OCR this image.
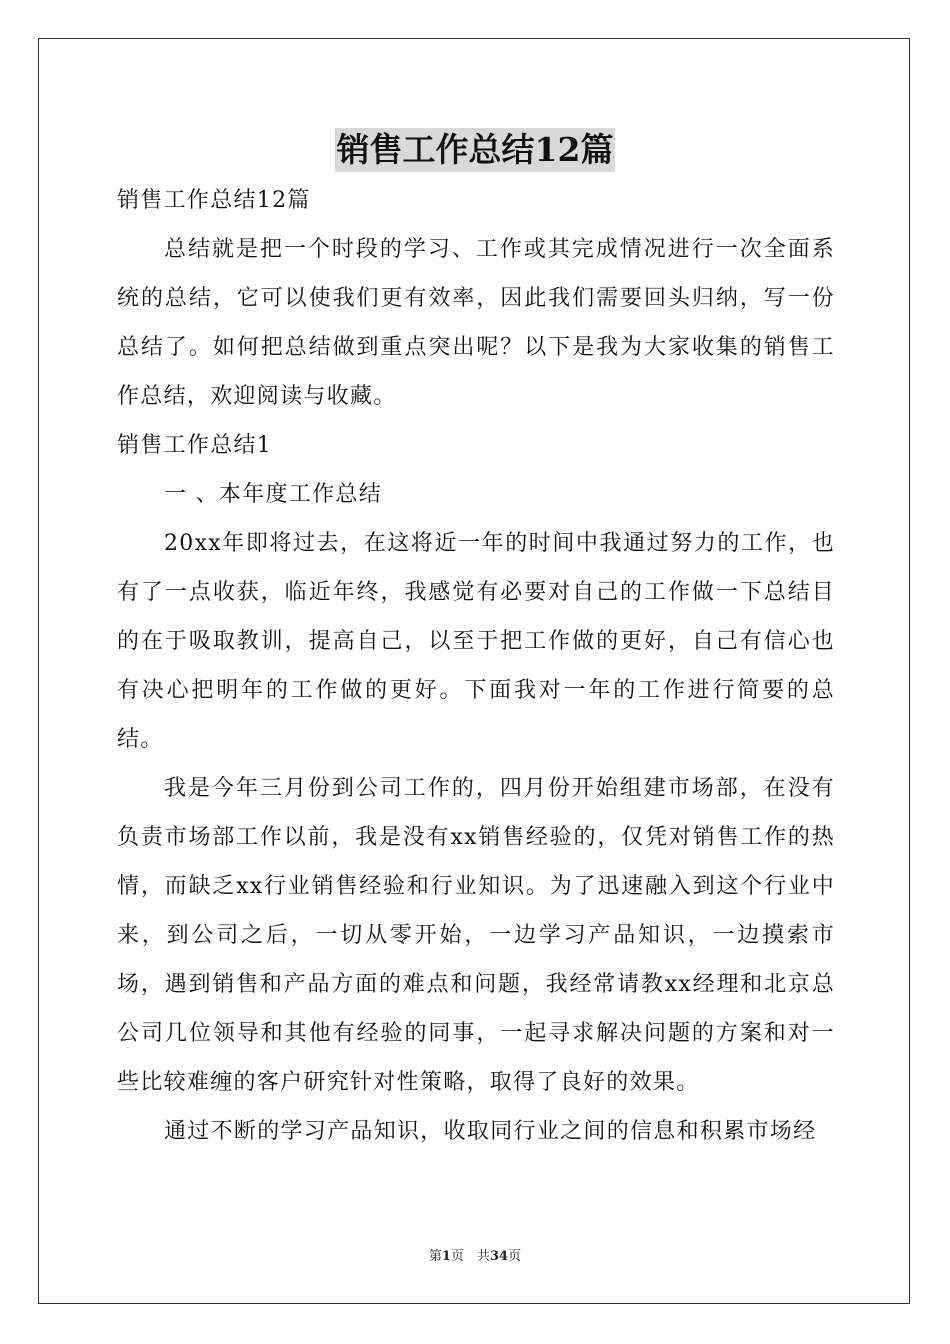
销售工作总结12篇

销售工作总结12篇

总结就是把一个时段的学习、工作或其完成情况进行一次全面系统的总结，它可以使我们更有效率，因此我们需要回头归纳，写一份总结了。如何把总结做到重点突出呢？以下是我为大家收集的销售工作总结，欢迎阅读与收藏。

销售工作总结1

一 、本年度工作总结

20xx年即将过去，在这将近一年的时间中我通过努力的工作，也有了一点收获，临近年终，我感觉有必要对自己的工作做一下总结目的在于吸取教训，提高自己，以至于把工作做的更好，自己有信心也有决心把明年的工作做的更好。下面我对一年的工作进行简要的总结。

我是今年三月份到公司工作的，四月份开始组建市场部，在没有负责市场部工作以前，我是没有xx销售经验的，仅凭对销售工作的热情，而缺乏xx行业销售经验和行业知识。为了迅速融入到这个行业中来，到公司之后，一切从零开始，一边学习产品知识，一边摸索市场，遇到销售和产品方面的难点和问题，我经常请教xx经理和北京总公司几位领导和其他有经验的同事，一起寻求解决问题的方案和对一些比较难缠的客户研究针对性策略，取得了良好的效果。

通过不断的学习产品知识，收取同行业之间的信息和积累市场经

第1页　共34页
